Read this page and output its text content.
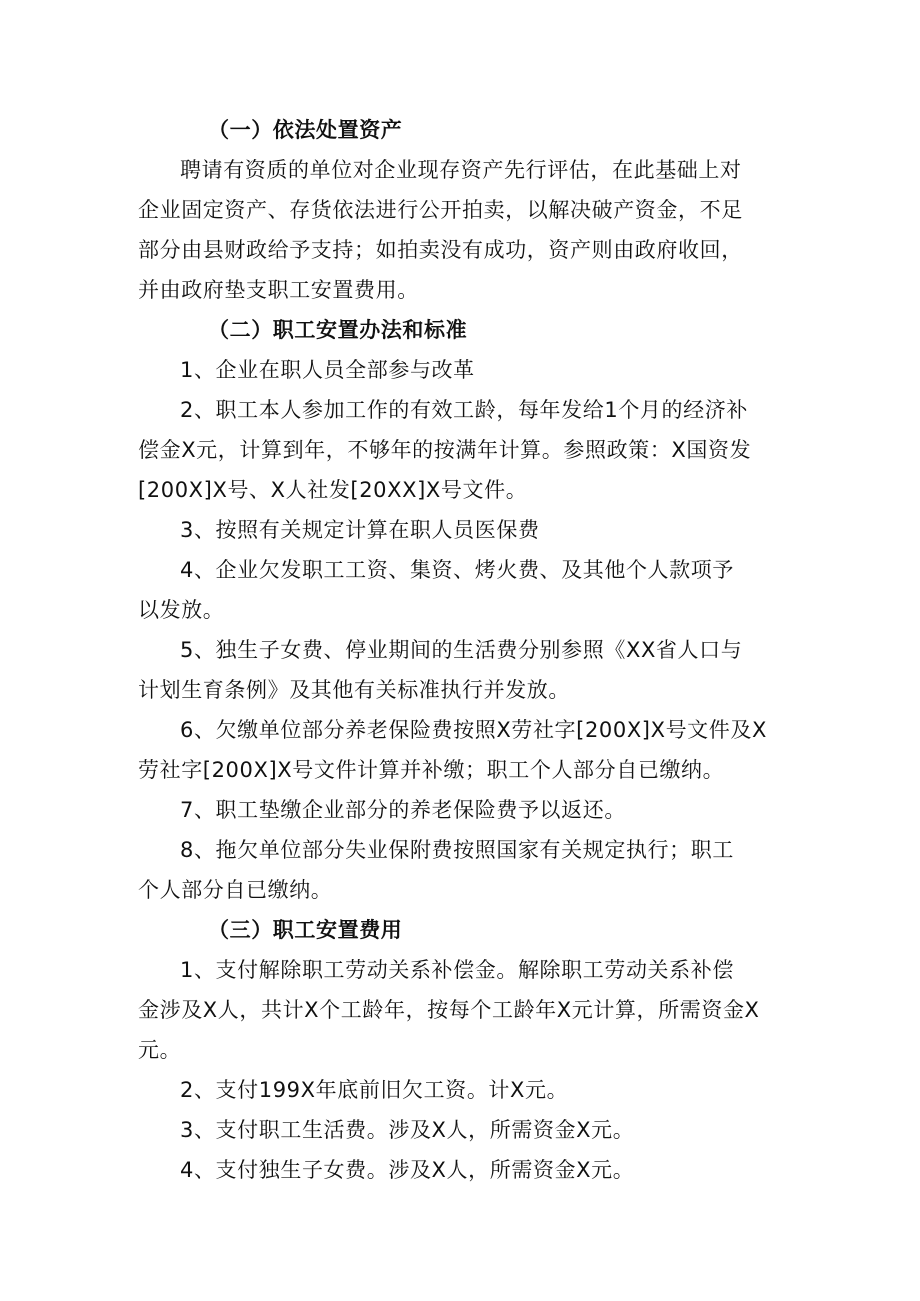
（一）依法处置资产
聘请有资质的单位对企业现存资产先行评估，在此基础上对
企业固定资产、存货依法进行公开拍卖，以解决破产资金，不足
部分由县财政给予支持；如拍卖没有成功，资产则由政府收回，
并由政府垫支职工安置费用。
（二）职工安置办法和标准
1、企业在职人员全部参与改革
2、职工本人参加工作的有效工龄，每年发给1个月的经济补
偿金X元，计算到年，不够年的按满年计算。参照政策：X国资发
[200X]X号、X人社发[20XX]X号文件。
3、按照有关规定计算在职人员医保费
4、企业欠发职工工资、集资、烤火费、及其他个人款项予
以发放。
5、独生子女费、停业期间的生活费分别参照《XX省人口与
计划生育条例》及其他有关标准执行并发放。
6、欠缴单位部分养老保险费按照X劳社字[200X]X号文件及X
劳社字[200X]X号文件计算并补缴；职工个人部分自已缴纳。
7、职工垫缴企业部分的养老保险费予以返还。
8、拖欠单位部分失业保附费按照国家有关规定执行；职工
个人部分自已缴纳。
（三）职工安置费用
1、支付解除职工劳动关系补偿金。解除职工劳动关系补偿
金涉及X人，共计X个工龄年，按每个工龄年X元计算，所需资金X
元。
2、支付199X年底前旧欠工资。计X元。
3、支付职工生活费。涉及X人，所需资金X元。
4、支付独生子女费。涉及X人，所需资金X元。
